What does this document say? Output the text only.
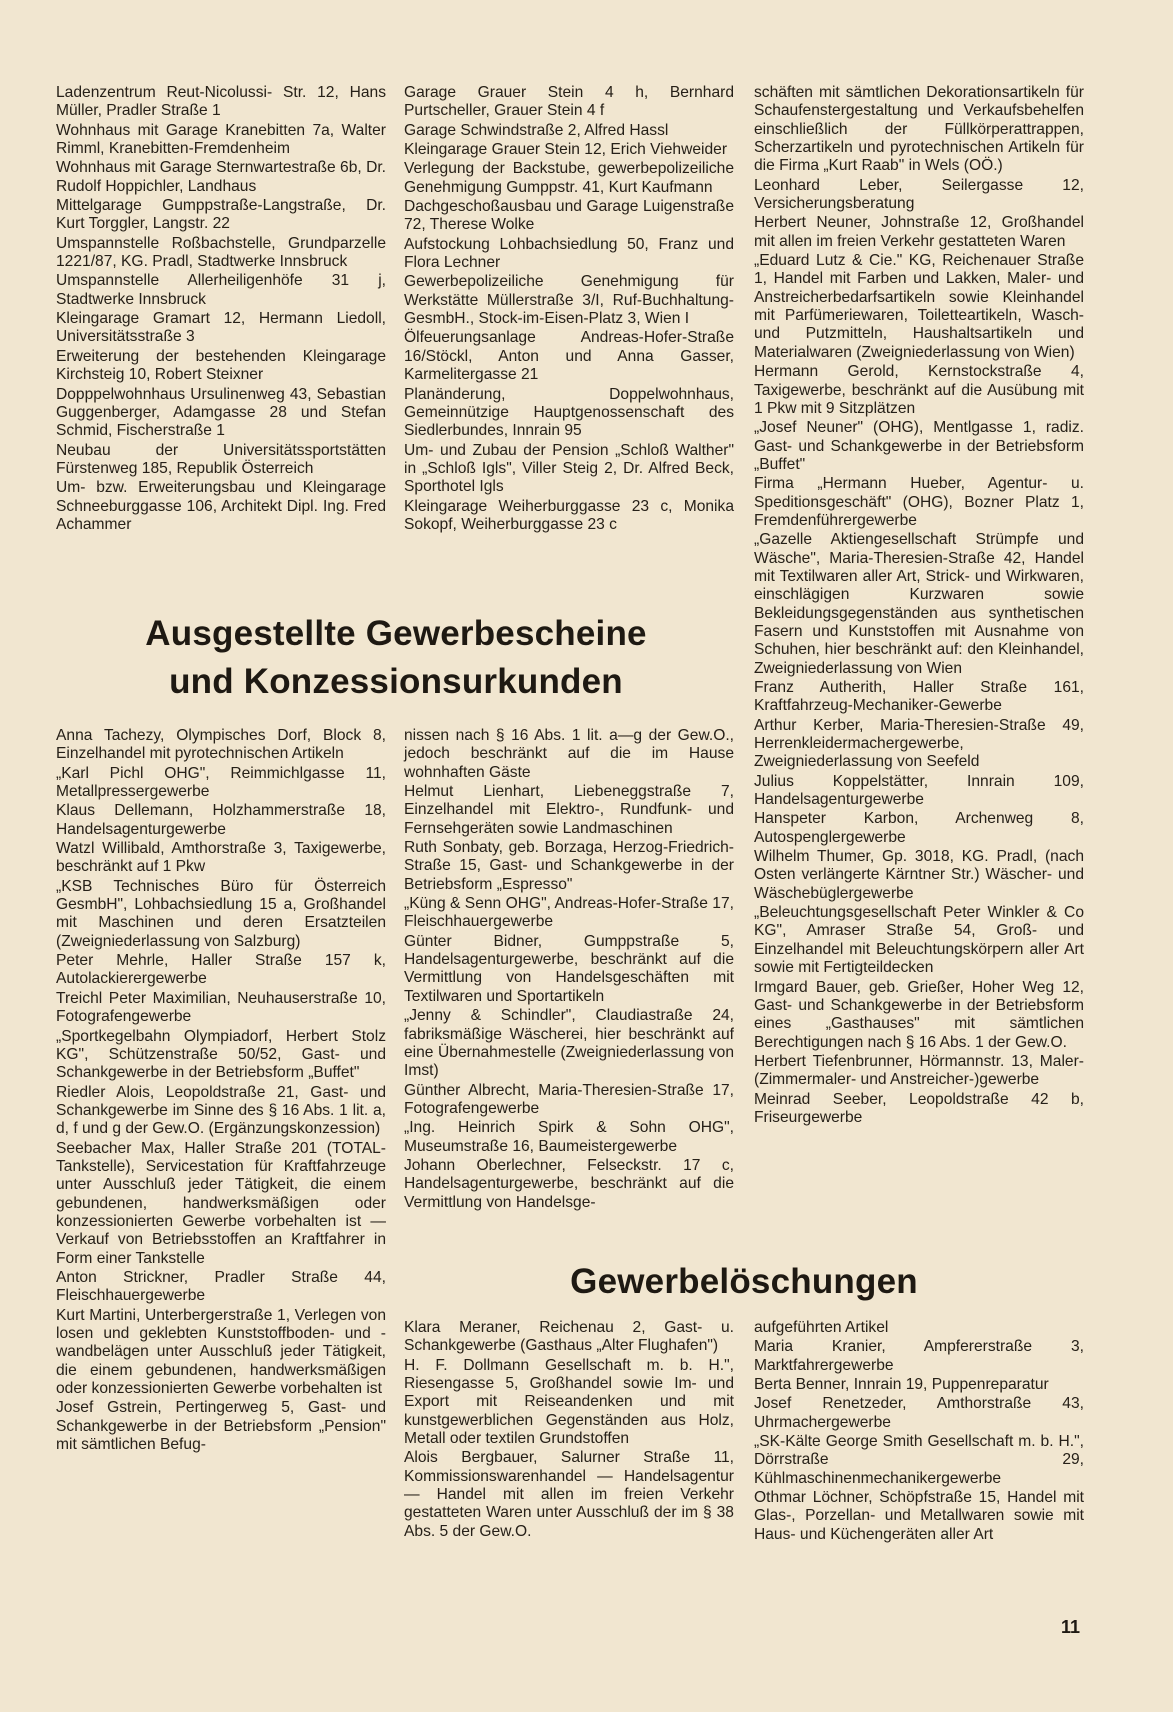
Ladenzentrum Reut-Nicolussi- Str. 12, Hans Müller, Pradler Straße 1

Wohnhaus mit Garage Kranebitten 7a, Walter Rimml, Kranebitten-Fremdenheim

Wohnhaus mit Garage Sternwartestraße 6b, Dr. Rudolf Hoppichler, Landhaus

Mittelgarage Gumppstraße-Langstraße, Dr. Kurt Torggler, Langstr. 22

Umspannstelle Roßbachstelle, Grundparzelle 1221/87, KG. Pradl, Stadtwerke Innsbruck

Umspannstelle Allerheiligenhöfe 31 j, Stadtwerke Innsbruck

Kleingarage Gramart 12, Hermann Liedoll, Universitätsstraße 3

Erweiterung der bestehenden Kleingarage Kirchsteig 10, Robert Steixner

Dopppelwohnhaus Ursulinenweg 43, Sebastian Guggenberger, Adamgasse 28 und Stefan Schmid, Fischerstraße 1

Neubau der Universitätssportstätten Fürstenweg 185, Republik Österreich

Um- bzw. Erweiterungsbau und Kleingarage Schneeburggasse 106, Architekt Dipl. Ing. Fred Achammer

Garage Grauer Stein 4 h, Bernhard Purtscheller, Grauer Stein 4 f

Garage Schwindstraße 2, Alfred Hassl

Kleingarage Grauer Stein 12, Erich Viehweider

Verlegung der Backstube, gewerbepolizeiliche Genehmigung Gumppstr. 41, Kurt Kaufmann

Dachgeschoßausbau und Garage Luigenstraße 72, Therese Wolke

Aufstockung Lohbachsiedlung 50, Franz und Flora Lechner

Gewerbepolizeiliche Genehmigung für Werkstätte Müllerstraße 3/I, Ruf-Buchhaltung-GesmbH., Stock-im-Eisen-Platz 3, Wien I

Ölfeuerungsanlage Andreas-Hofer-Straße 16/Stöckl, Anton und Anna Gasser, Karmelitergasse 21

Planänderung, Doppelwohnhaus, Gemeinnützige Hauptgenossenschaft des Siedlerbundes, Innrain 95

Um- und Zubau der Pension „Schloß Walther" in „Schloß Igls", Viller Steig 2, Dr. Alfred Beck, Sporthotel Igls

Kleingarage Weiherburggasse 23 c, Monika Sokopf, Weiherburggasse 23 c

schäften mit sämtlichen Dekorationsartikeln für Schaufenstergestaltung und Verkaufsbehelfen einschließlich der Füllkörperattrappen, Scherzartikeln und pyrotechnischen Artikeln für die Firma „Kurt Raab" in Wels (OÖ.)

Leonhard Leber, Seilergasse 12, Versicherungsberatung

Herbert Neuner, Johnstraße 12, Großhandel mit allen im freien Verkehr gestatteten Waren

„Eduard Lutz & Cie." KG, Reichenauer Straße 1, Handel mit Farben und Lakken, Maler- und Anstreicherbedarfsartikeln sowie Kleinhandel mit Parfümeriewaren, Toiletteartikeln, Wasch- und Putzmitteln, Haushaltsartikeln und Materialwaren (Zweigniederlassung von Wien)

Hermann Gerold, Kernstockstraße 4, Taxigewerbe, beschränkt auf die Ausübung mit 1 Pkw mit 9 Sitzplätzen

„Josef Neuner" (OHG), Mentlgasse 1, radiz. Gast- und Schankgewerbe in der Betriebsform „Buffet"

Firma „Hermann Hueber, Agentur- u. Speditionsgeschäft" (OHG), Bozner Platz 1, Fremdenführergewerbe

„Gazelle Aktiengesellschaft Strümpfe und Wäsche", Maria-Theresien-Straße 42, Handel mit Textilwaren aller Art, Strick- und Wirkwaren, einschlägigen Kurzwaren sowie Bekleidungsgegenständen aus synthetischen Fasern und Kunststoffen mit Ausnahme von Schuhen, hier beschränkt auf: den Kleinhandel, Zweigniederlassung von Wien

Franz Autherith, Haller Straße 161, Kraftfahrzeug-Mechaniker-Gewerbe

Arthur Kerber, Maria-Theresien-Straße 49, Herrenkleidermachergewerbe, Zweigniederlassung von Seefeld

Julius Koppelstätter, Innrain 109, Handelsagenturgewerbe

Hanspeter Karbon, Archenweg 8, Autospenglergewerbe

Wilhelm Thumer, Gp. 3018, KG. Pradl, (nach Osten verlängerte Kärntner Str.) Wäscher- und Wäschebüglergewerbe

„Beleuchtungsgesellschaft Peter Winkler & Co KG", Amraser Straße 54, Groß- und Einzelhandel mit Beleuchtungskörpern aller Art sowie mit Fertigteildecken

Irmgard Bauer, geb. Grießer, Hoher Weg 12, Gast- und Schankgewerbe in der Betriebsform eines „Gasthauses" mit sämtlichen Berechtigungen nach § 16 Abs. 1 der Gew.O.

Herbert Tiefenbrunner, Hörmannstr. 13, Maler- (Zimmermaler- und Anstreicher-)gewerbe

Meinrad Seeber, Leopoldstraße 42 b, Friseurgewerbe

Ausgestellte Gewerbescheine
und Konzessionsurkunden

Anna Tachezy, Olympisches Dorf, Block 8, Einzelhandel mit pyrotechnischen Artikeln

„Karl Pichl OHG", Reimmichlgasse 11, Metallpressergewerbe

Klaus Dellemann, Holzhammerstraße 18, Handelsagenturgewerbe

Watzl Willibald, Amthorstraße 3, Taxigewerbe, beschränkt auf 1 Pkw

„KSB Technisches Büro für Österreich GesmbH", Lohbachsiedlung 15 a, Großhandel mit Maschinen und deren Ersatzteilen (Zweigniederlassung von Salzburg)

Peter Mehrle, Haller Straße 157 k, Autolackierergewerbe

Treichl Peter Maximilian, Neuhauserstraße 10, Fotografengewerbe

„Sportkegelbahn Olympiadorf, Herbert Stolz KG", Schützenstraße 50/52, Gast- und Schankgewerbe in der Betriebsform „Buffet"

Riedler Alois, Leopoldstraße 21, Gast- und Schankgewerbe im Sinne des § 16 Abs. 1 lit. a, d, f und g der Gew.O. (Ergänzungskonzession)

Seebacher Max, Haller Straße 201 (TOTAL-Tankstelle), Servicestation für Kraftfahrzeuge unter Ausschluß jeder Tätigkeit, die einem gebundenen, handwerksmäßigen oder konzessionierten Gewerbe vorbehalten ist — Verkauf von Betriebsstoffen an Kraftfahrer in Form einer Tankstelle

Anton Strickner, Pradler Straße 44, Fleischhauergewerbe

Kurt Martini, Unterbergerstraße 1, Verlegen von losen und geklebten Kunststoffboden- und -wandbelägen unter Ausschluß jeder Tätigkeit, die einem gebundenen, handwerksmäßigen oder konzessionierten Gewerbe vorbehalten ist

Josef Gstrein, Pertingerweg 5, Gast- und Schankgewerbe in der Betriebsform „Pension" mit sämtlichen Befug-

nissen nach § 16 Abs. 1 lit. a—g der Gew.O., jedoch beschränkt auf die im Hause wohnhaften Gäste

Helmut Lienhart, Liebeneggstraße 7, Einzelhandel mit Elektro-, Rundfunk- und Fernsehgeräten sowie Landmaschinen

Ruth Sonbaty, geb. Borzaga, Herzog-Friedrich-Straße 15, Gast- und Schankgewerbe in der Betriebsform „Espresso"

„Küng & Senn OHG", Andreas-Hofer-Straße 17, Fleischhauergewerbe

Günter Bidner, Gumppstraße 5, Handelsagenturgewerbe, beschränkt auf die Vermittlung von Handelsgeschäften mit Textilwaren und Sportartikeln

„Jenny & Schindler", Claudiastraße 24, fabriksmäßige Wäscherei, hier beschränkt auf eine Übernahmestelle (Zweigniederlassung von Imst)

Günther Albrecht, Maria-Theresien-Straße 17, Fotografengewerbe

„Ing. Heinrich Spirk & Sohn OHG", Museumstraße 16, Baumeistergewerbe

Johann Oberlechner, Felseckstr. 17 c, Handelsagenturgewerbe, beschränkt auf die Vermittlung von Handelsge-

Gewerbelöschungen

Klara Meraner, Reichenau 2, Gast- u. Schankgewerbe (Gasthaus „Alter Flughafen")

H. F. Dollmann Gesellschaft m. b. H.", Riesengasse 5, Großhandel sowie Im- und Export mit Reiseandenken und mit kunstgewerblichen Gegenständen aus Holz, Metall oder textilen Grundstoffen

Alois Bergbauer, Salurner Straße 11, Kommissionswarenhandel — Handelsagentur — Handel mit allen im freien Verkehr gestatteten Waren unter Ausschluß der im § 38 Abs. 5 der Gew.O.

aufgeführten Artikel

Maria Kranier, Ampfererstraße 3, Marktfahrergewerbe

Berta Benner, Innrain 19, Puppenreparatur

Josef Renetzeder, Amthorstraße 43, Uhrmachergewerbe

„SK-Kälte George Smith Gesellschaft m. b. H.", Dörrstraße 29, Kühlmaschinenmechanikergewerbe

Othmar Löchner, Schöpfstraße 15, Handel mit Glas-, Porzellan- und Metallwaren sowie mit Haus- und Küchengeräten aller Art

11
